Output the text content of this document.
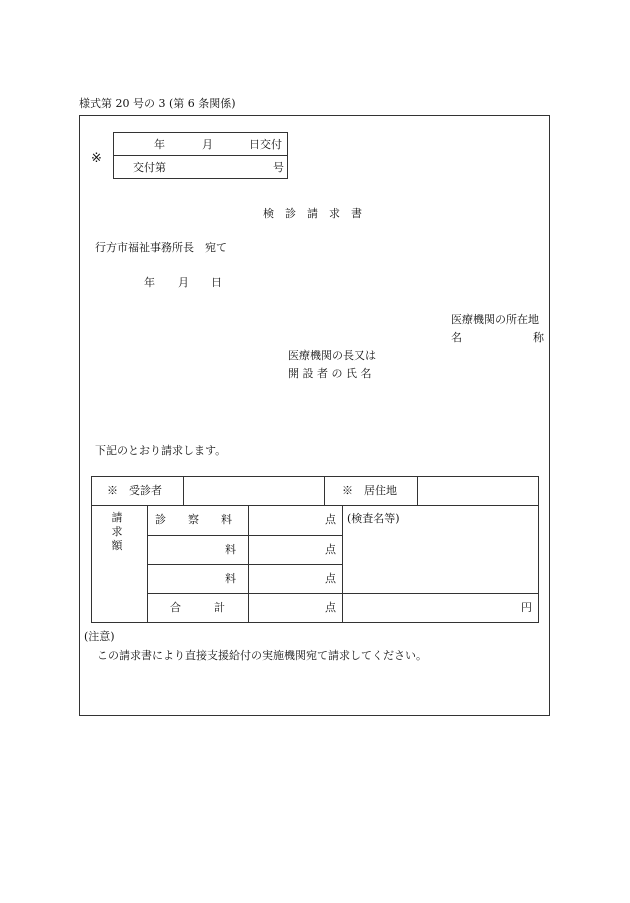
様式第 20 号の 3 (第 6 条関係)
※
年	月	日交付
交付第	号
検　診　請　求　書
行方市福祉事務所長　宛て
年 月 日
医療機関の所在地
名	称
医療機関の長又は
開 設 者 の 氏 名
下記のとおり請求します。
※　受診者	※　居住地
請
求
額
診　　察　　料	点
料	点
料	点
(検査名等)
合　　　計	点	円
(注意)
この請求書により直接支援給付の実施機関宛て請求してください。
